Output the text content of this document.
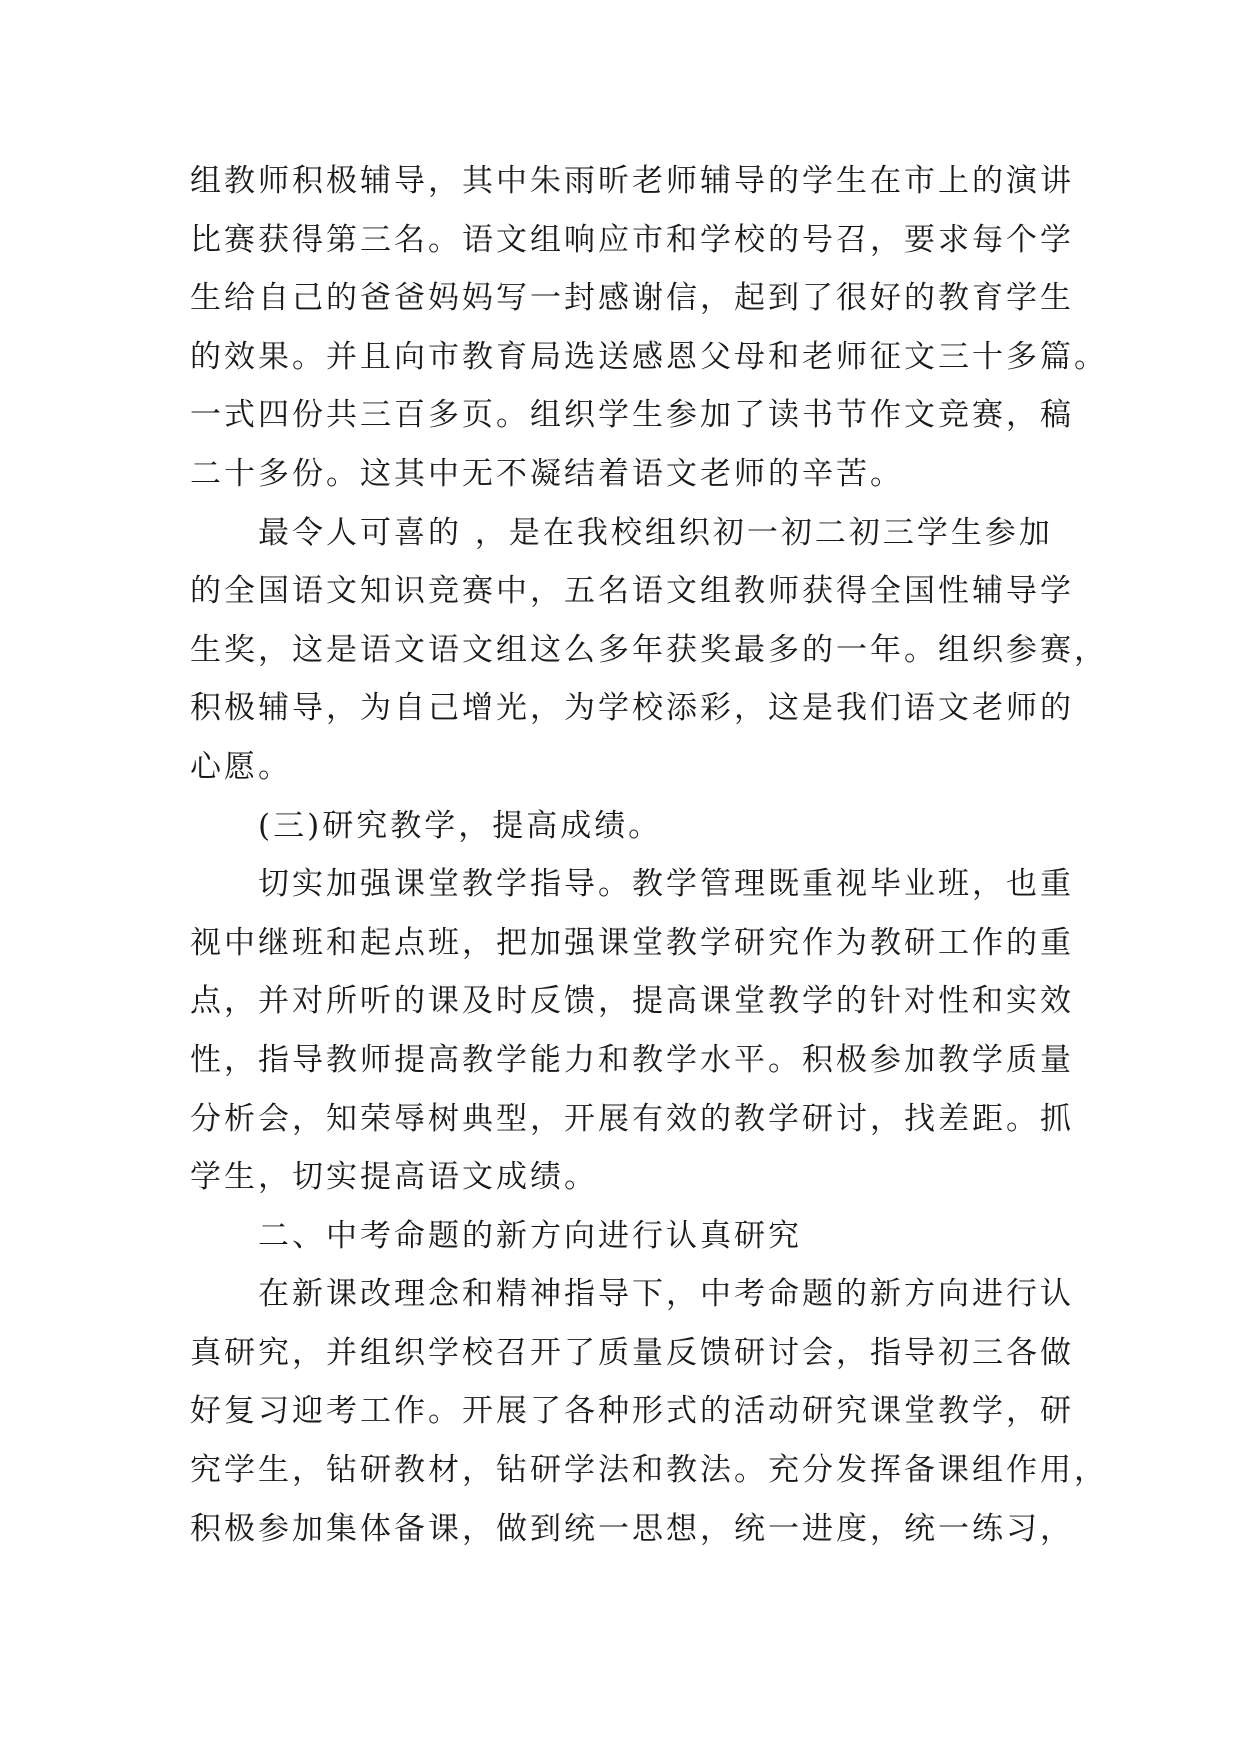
组教师积极辅导，其中朱雨昕老师辅导的学生在市上的演讲
比赛获得第三名。语文组响应市和学校的号召，要求每个学
生给自己的爸爸妈妈写一封感谢信，起到了很好的教育学生
的效果。并且向市教育局选送感恩父母和老师征文三十多篇。
一式四份共三百多页。组织学生参加了读书节作文竞赛，稿
二十多份。这其中无不凝结着语文老师的辛苦。
最令人可喜的 ，是在我校组织初一初二初三学生参加
的全国语文知识竞赛中，五名语文组教师获得全国性辅导学
生奖，这是语文语文组这么多年获奖最多的一年。组织参赛，
积极辅导，为自己增光，为学校添彩，这是我们语文老师的
心愿。
(三)研究教学，提高成绩。
切实加强课堂教学指导。教学管理既重视毕业班，也重
视中继班和起点班，把加强课堂教学研究作为教研工作的重
点，并对所听的课及时反馈，提高课堂教学的针对性和实效
性，指导教师提高教学能力和教学水平。积极参加教学质量
分析会，知荣辱树典型，开展有效的教学研讨，找差距。抓
学生，切实提高语文成绩。
二、中考命题的新方向进行认真研究
在新课改理念和精神指导下，中考命题的新方向进行认
真研究，并组织学校召开了质量反馈研讨会，指导初三各做
好复习迎考工作。开展了各种形式的活动研究课堂教学，研
究学生，钻研教材，钻研学法和教法。充分发挥备课组作用，
积极参加集体备课，做到统一思想，统一进度，统一练习，
